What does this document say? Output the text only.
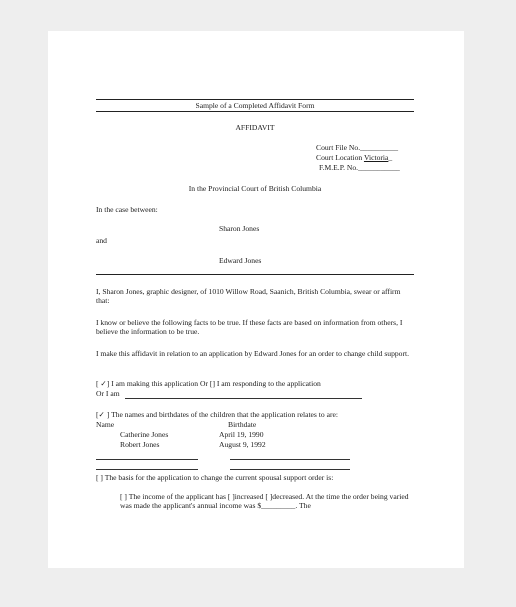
Sample of a Completed Affidavit Form
AFFIDAVIT
Court File No.__________
Court Location Victoria_
F.M.E.P. No.___________
In the Provincial Court of British Columbia
In the case between:
Sharon Jones
and
Edward Jones
I, Sharon Jones, graphic designer, of 1010 Willow Road, Saanich, British Columbia, swear or affirm that:
I know or believe the following facts to be true. If these facts are based on information from others, I believe the information to be true.
I make this affidavit in relation to an application by Edward Jones for an order to change child support.
[ ✓] I am making this application Or [] I am responding to the application
Or I am
[✓ ] The names and birthdates of the children that the application relates to are:
Name	Birthdate
Catherine Jones	April 19, 1990
Robert Jones	August 9, 1992
[ ] The basis for the application to change the current spousal support order is:
[ ] The income of the applicant has [ ]increased [ ]decreased. At the time the order being varied was made the applicant's annual income was $_________. The
